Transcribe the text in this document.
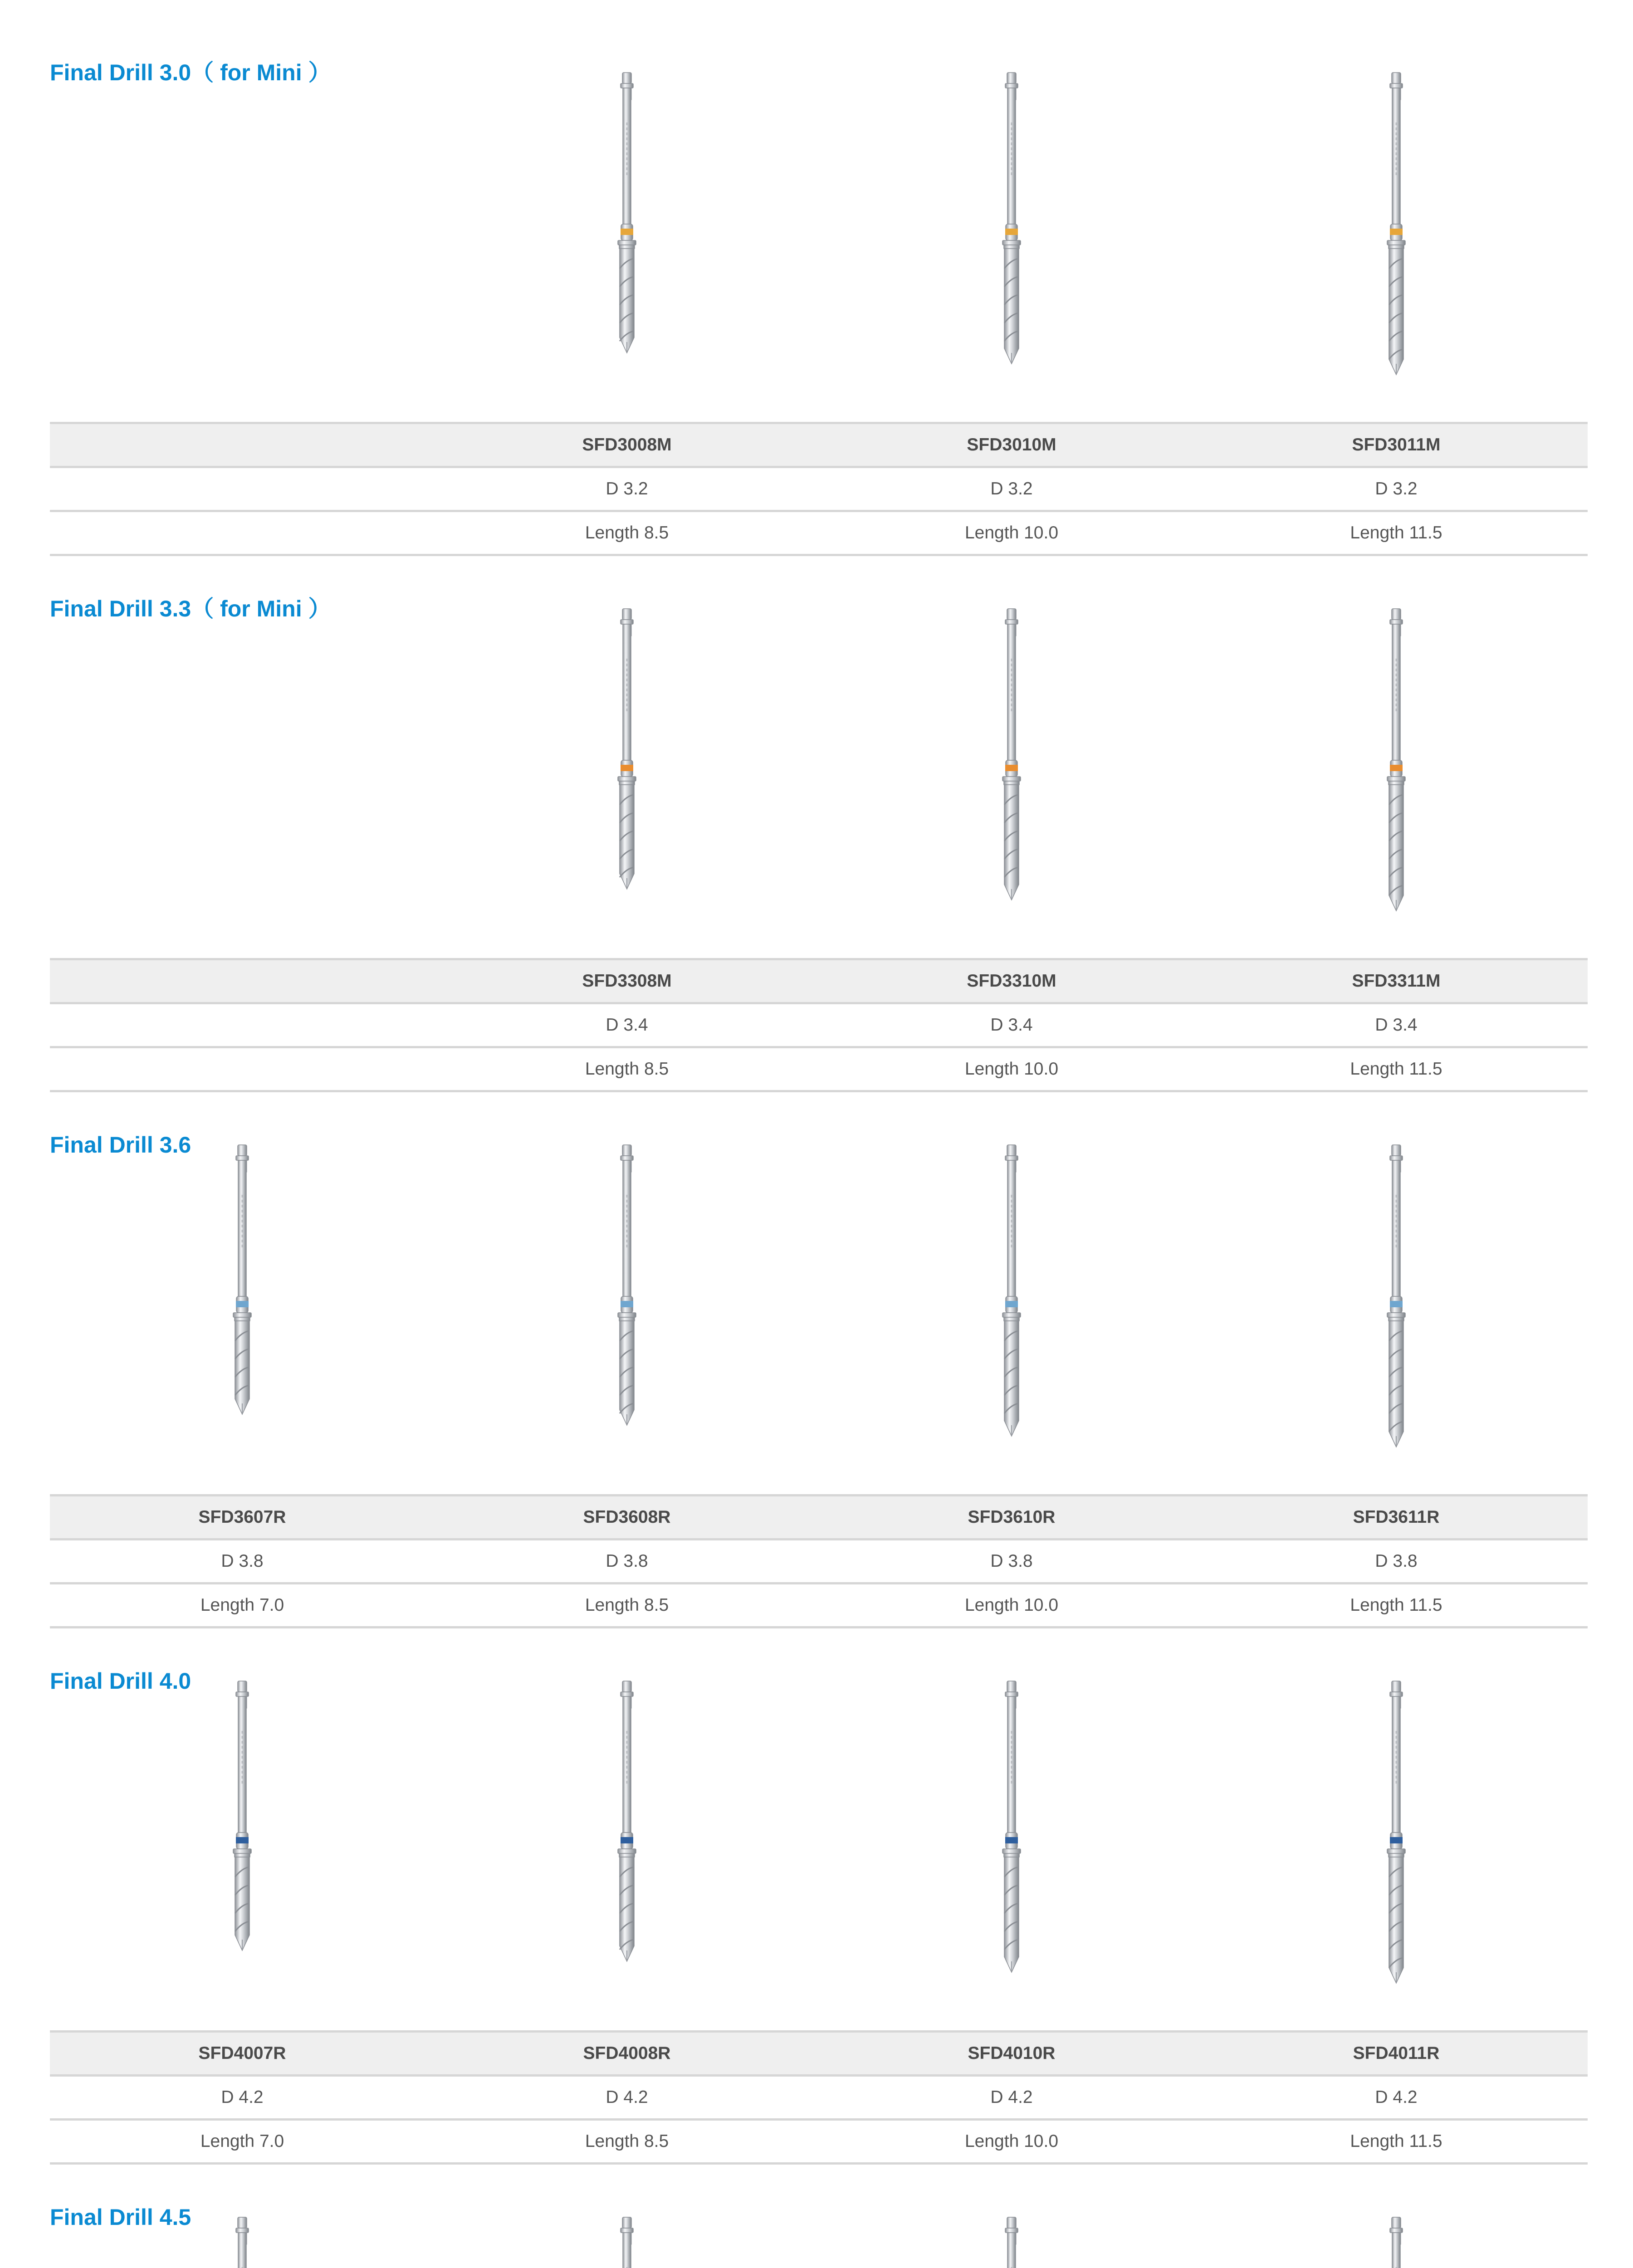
Final Drill 3.0（ for Mini ）
SFD3008M	SFD3010M	SFD3011M
D 3.2	D 3.2	D 3.2
Length 8.5	Length 10.0	Length 11.5
Final Drill 3.3（ for Mini ）
SFD3308M	SFD3310M	SFD3311M
D 3.4	D 3.4	D 3.4
Length 8.5	Length 10.0	Length 11.5
Final Drill 3.6
SFD3607R	SFD3608R	SFD3610R	SFD3611R
D 3.8	D 3.8	D 3.8	D 3.8
Length 7.0	Length 8.5	Length 10.0	Length 11.5
Final Drill 4.0
SFD4007R	SFD4008R	SFD4010R	SFD4011R
D 4.2	D 4.2	D 4.2	D 4.2
Length 7.0	Length 8.5	Length 10.0	Length 11.5
Final Drill 4.5
